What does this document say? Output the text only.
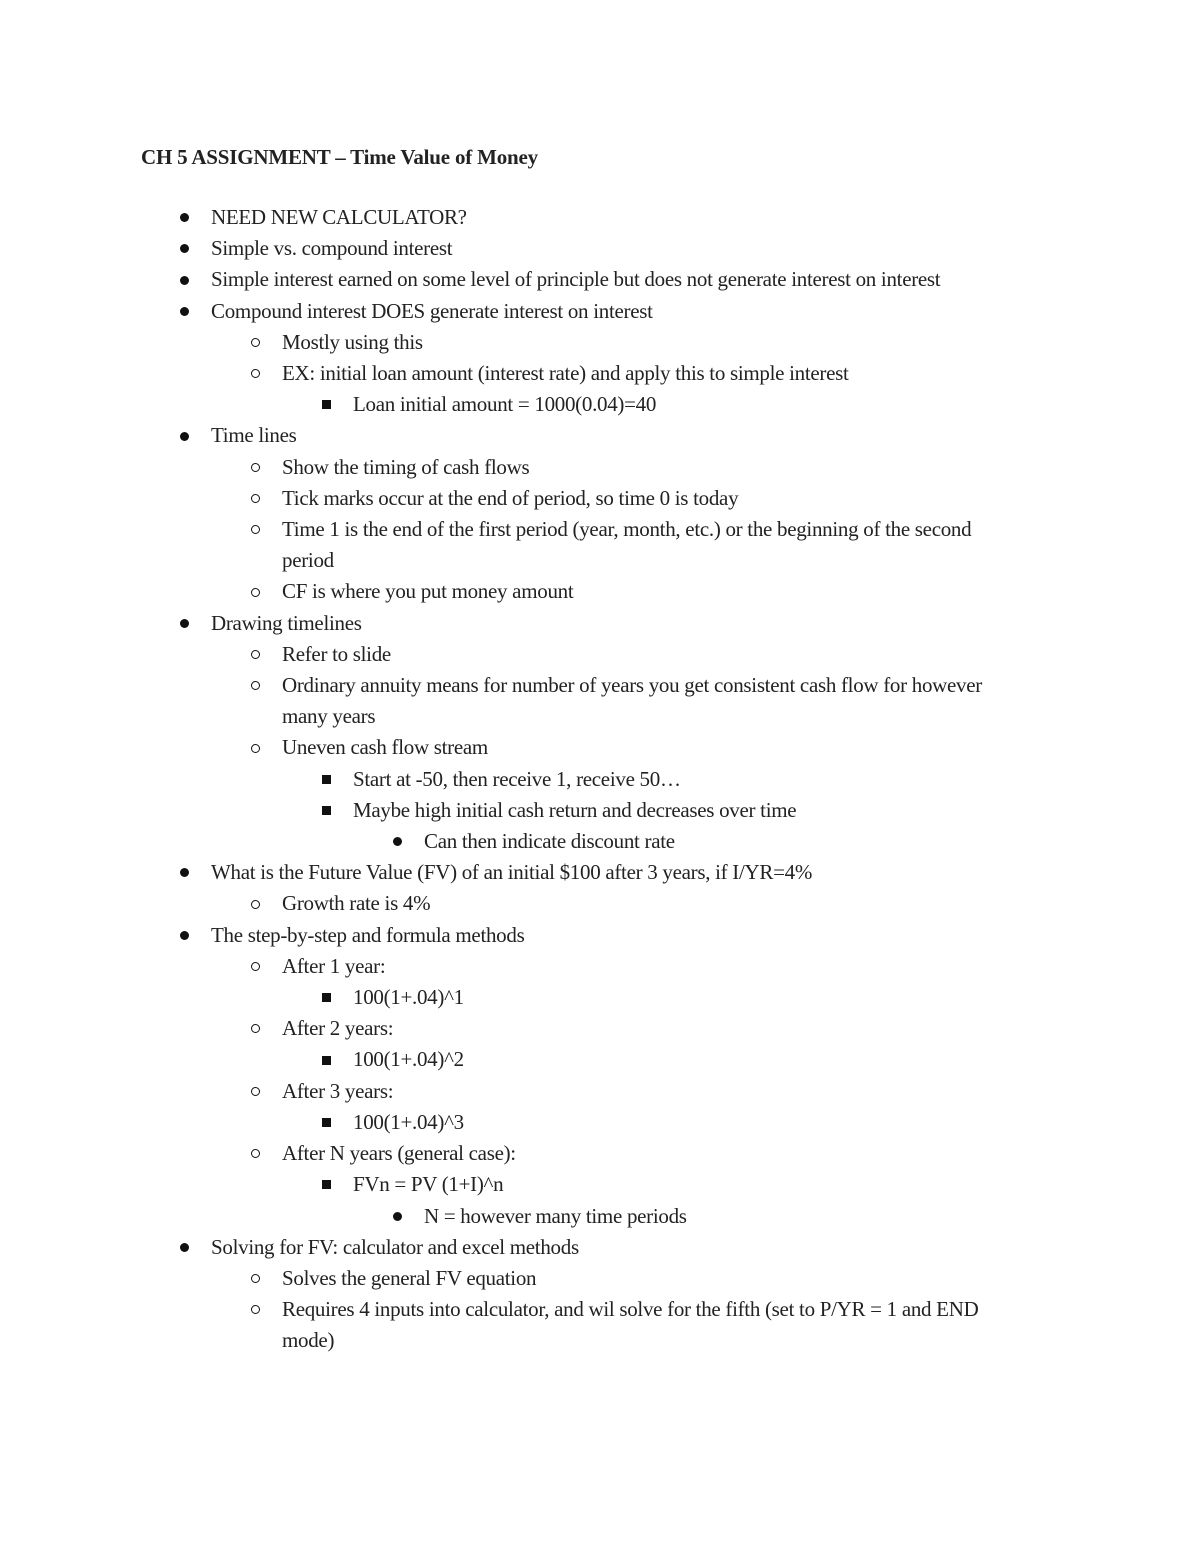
CH 5 ASSIGNMENT – Time Value of Money
NEED NEW CALCULATOR?
Simple vs. compound interest
Simple interest earned on some level of principle but does not generate interest on interest
Compound interest DOES generate interest on interest
Mostly using this
EX: initial loan amount (interest rate) and apply this to simple interest
Loan initial amount = 1000(0.04)=40
Time lines
Show the timing of cash flows
Tick marks occur at the end of period, so time 0 is today
Time 1 is the end of the first period (year, month, etc.) or the beginning of the second period
CF is where you put money amount
Drawing timelines
Refer to slide
Ordinary annuity means for number of years you get consistent cash flow for however many years
Uneven cash flow stream
Start at -50, then receive 1, receive 50…
Maybe high initial cash return and decreases over time
Can then indicate discount rate
What is the Future Value (FV) of an initial $100 after 3 years, if I/YR=4%
Growth rate is 4%
The step-by-step and formula methods
After 1 year:
100(1+.04)^1
After 2 years:
100(1+.04)^2
After 3 years:
100(1+.04)^3
After N years (general case):
FVn = PV (1+I)^n
N = however many time periods
Solving for FV: calculator and excel methods
Solves the general FV equation
Requires 4 inputs into calculator, and wil solve for the fifth (set to P/YR = 1 and END mode)
